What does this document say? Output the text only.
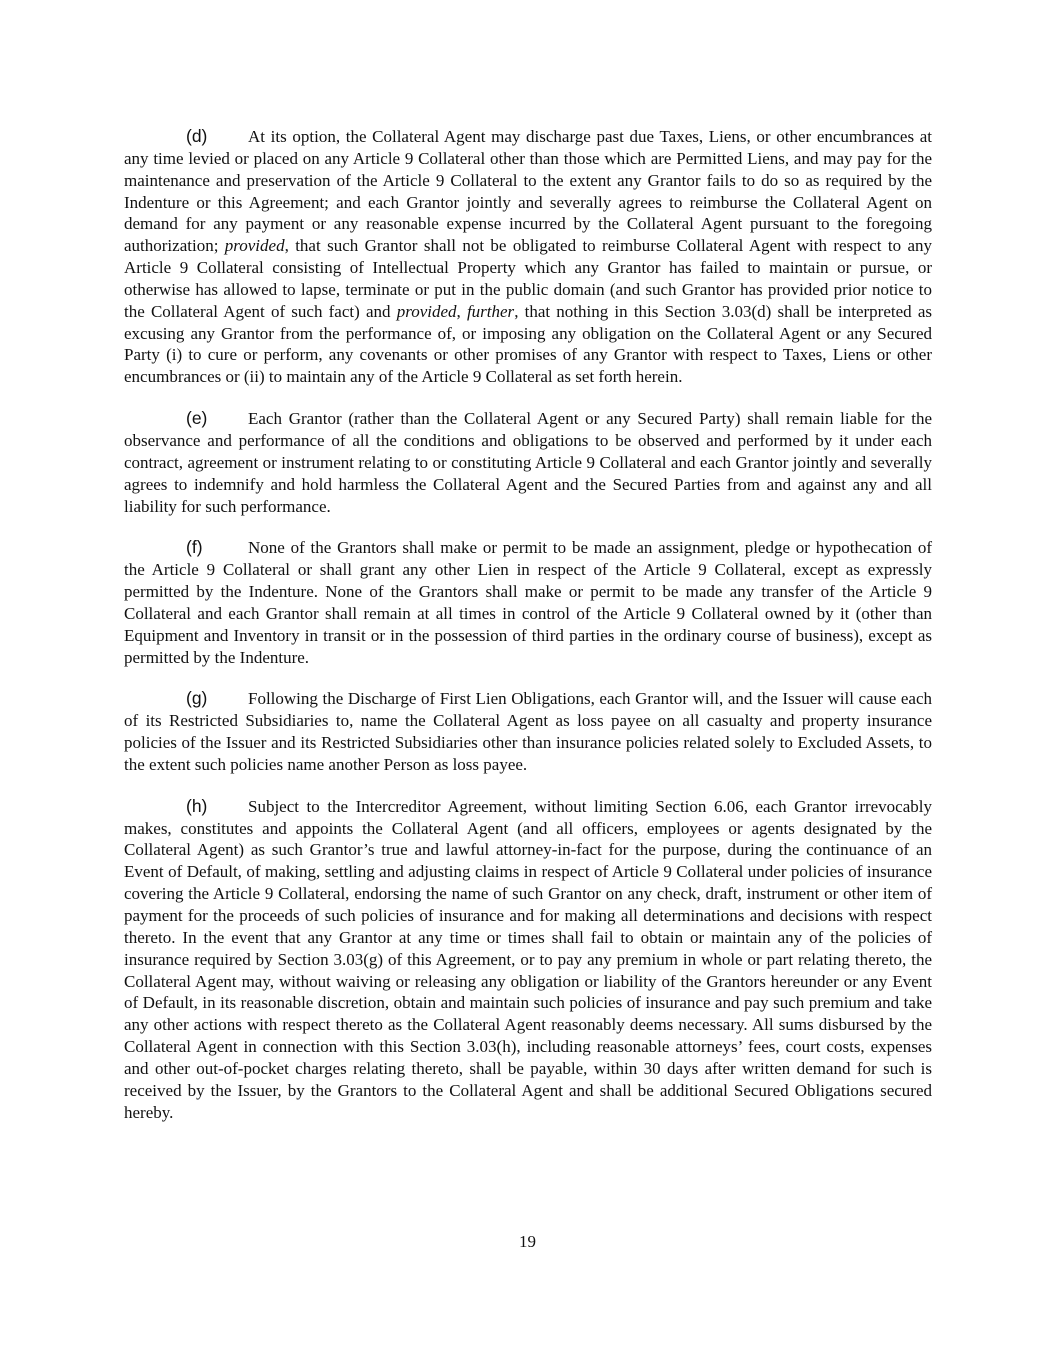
(d) At its option, the Collateral Agent may discharge past due Taxes, Liens, or other encumbrances at any time levied or placed on any Article 9 Collateral other than those which are Permitted Liens, and may pay for the maintenance and preservation of the Article 9 Collateral to the extent any Grantor fails to do so as required by the Indenture or this Agreement; and each Grantor jointly and severally agrees to reimburse the Collateral Agent on demand for any payment or any reasonable expense incurred by the Collateral Agent pursuant to the foregoing authorization; provided, that such Grantor shall not be obligated to reimburse Collateral Agent with respect to any Article 9 Collateral consisting of Intellectual Property which any Grantor has failed to maintain or pursue, or otherwise has allowed to lapse, terminate or put in the public domain (and such Grantor has provided prior notice to the Collateral Agent of such fact) and provided, further, that nothing in this Section 3.03(d) shall be interpreted as excusing any Grantor from the performance of, or imposing any obligation on the Collateral Agent or any Secured Party (i) to cure or perform, any covenants or other promises of any Grantor with respect to Taxes, Liens or other encumbrances or (ii) to maintain any of the Article 9 Collateral as set forth herein.

(e) Each Grantor (rather than the Collateral Agent or any Secured Party) shall remain liable for the observance and performance of all the conditions and obligations to be observed and performed by it under each contract, agreement or instrument relating to or constituting Article 9 Collateral and each Grantor jointly and severally agrees to indemnify and hold harmless the Collateral Agent and the Secured Parties from and against any and all liability for such performance.

(f)	None of the Grantors shall make or permit to be made an assignment, pledge or hypothecation of the Article 9 Collateral or shall grant any other Lien in respect of the Article 9 Collateral, except as expressly permitted by the Indenture. None of the Grantors shall make or permit to be made any transfer of the Article 9 Collateral and each Grantor shall remain at all times in control of the Article 9 Collateral owned by it (other than Equipment and Inventory in transit or in the possession of third parties in the ordinary course of business), except as permitted by the Indenture.

(g) Following the Discharge of First Lien Obligations, each Grantor will, and the Issuer will cause each of its Restricted Subsidiaries to, name the Collateral Agent as loss payee on all casualty and property insurance policies of the Issuer and its Restricted Subsidiaries other than insurance policies related solely to Excluded Assets, to the extent such policies name another Person as loss payee.

(h) Subject to the Intercreditor Agreement, without limiting Section 6.06, each Grantor irrevocably makes, constitutes and appoints the Collateral Agent (and all officers, employees or agents designated by the Collateral Agent) as such Grantor’s true and lawful attorney-in-fact for the purpose, during the continuance of an Event of Default, of making, settling and adjusting claims in respect of Article 9 Collateral under policies of insurance covering the Article 9 Collateral, endorsing the name of such Grantor on any check, draft, instrument or other item of payment for the proceeds of such policies of insurance and for making all determinations and decisions with respect thereto. In the event that any Grantor at any time or times shall fail to obtain or maintain any of the policies of insurance required by Section 3.03(g) of this Agreement, or to pay any premium in whole or part relating thereto, the Collateral Agent may, without waiving or releasing any obligation or liability of the Grantors hereunder or any Event of Default, in its reasonable discretion, obtain and maintain such policies of insurance and pay such premium and take any other actions with respect thereto as the Collateral Agent reasonably deems necessary. All sums disbursed by the Collateral Agent in connection with this Section 3.03(h), including reasonable attorneys’ fees, court costs, expenses and other out-of-pocket charges relating thereto, shall be payable, within 30 days after written demand for such is received by the Issuer, by the Grantors to the Collateral Agent and shall be additional Secured Obligations secured hereby.

19
